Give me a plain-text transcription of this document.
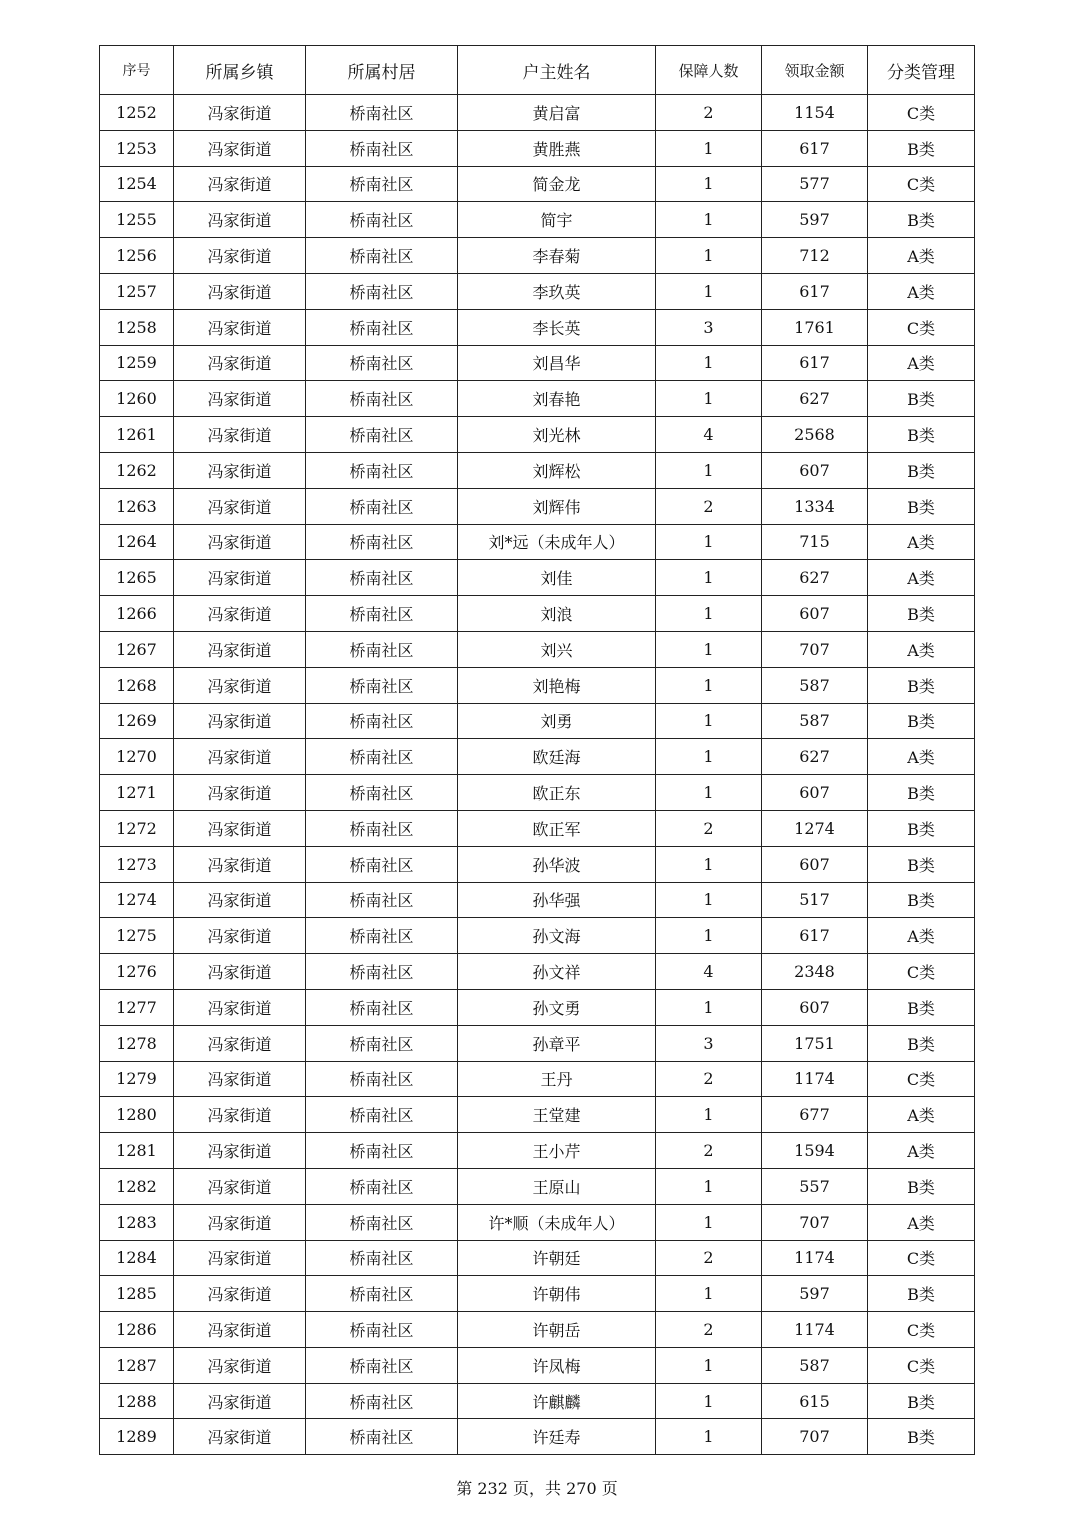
序号	所属乡镇	所属村居	户主姓名	保障人数	领取金额	分类管理
1252	冯家街道	桥南社区	黄启富	2	1154	C类
1253	冯家街道	桥南社区	黄胜燕	1	617	B类
1254	冯家街道	桥南社区	简金龙	1	577	C类
1255	冯家街道	桥南社区	简宇	1	597	B类
1256	冯家街道	桥南社区	李春菊	1	712	A类
1257	冯家街道	桥南社区	李玖英	1	617	A类
1258	冯家街道	桥南社区	李长英	3	1761	C类
1259	冯家街道	桥南社区	刘昌华	1	617	A类
1260	冯家街道	桥南社区	刘春艳	1	627	B类
1261	冯家街道	桥南社区	刘光林	4	2568	B类
1262	冯家街道	桥南社区	刘辉松	1	607	B类
1263	冯家街道	桥南社区	刘辉伟	2	1334	B类
1264	冯家街道	桥南社区	刘*远（未成年人）	1	715	A类
1265	冯家街道	桥南社区	刘佳	1	627	A类
1266	冯家街道	桥南社区	刘浪	1	607	B类
1267	冯家街道	桥南社区	刘兴	1	707	A类
1268	冯家街道	桥南社区	刘艳梅	1	587	B类
1269	冯家街道	桥南社区	刘勇	1	587	B类
1270	冯家街道	桥南社区	欧廷海	1	627	A类
1271	冯家街道	桥南社区	欧正东	1	607	B类
1272	冯家街道	桥南社区	欧正军	2	1274	B类
1273	冯家街道	桥南社区	孙华波	1	607	B类
1274	冯家街道	桥南社区	孙华强	1	517	B类
1275	冯家街道	桥南社区	孙文海	1	617	A类
1276	冯家街道	桥南社区	孙文祥	4	2348	C类
1277	冯家街道	桥南社区	孙文勇	1	607	B类
1278	冯家街道	桥南社区	孙章平	3	1751	B类
1279	冯家街道	桥南社区	王丹	2	1174	C类
1280	冯家街道	桥南社区	王堂建	1	677	A类
1281	冯家街道	桥南社区	王小芹	2	1594	A类
1282	冯家街道	桥南社区	王原山	1	557	B类
1283	冯家街道	桥南社区	许*顺（未成年人）	1	707	A类
1284	冯家街道	桥南社区	许朝廷	2	1174	C类
1285	冯家街道	桥南社区	许朝伟	1	597	B类
1286	冯家街道	桥南社区	许朝岳	2	1174	C类
1287	冯家街道	桥南社区	许凤梅	1	587	C类
1288	冯家街道	桥南社区	许麒麟	1	615	B类
1289	冯家街道	桥南社区	许廷寿	1	707	B类
第 232 页，共 270 页
